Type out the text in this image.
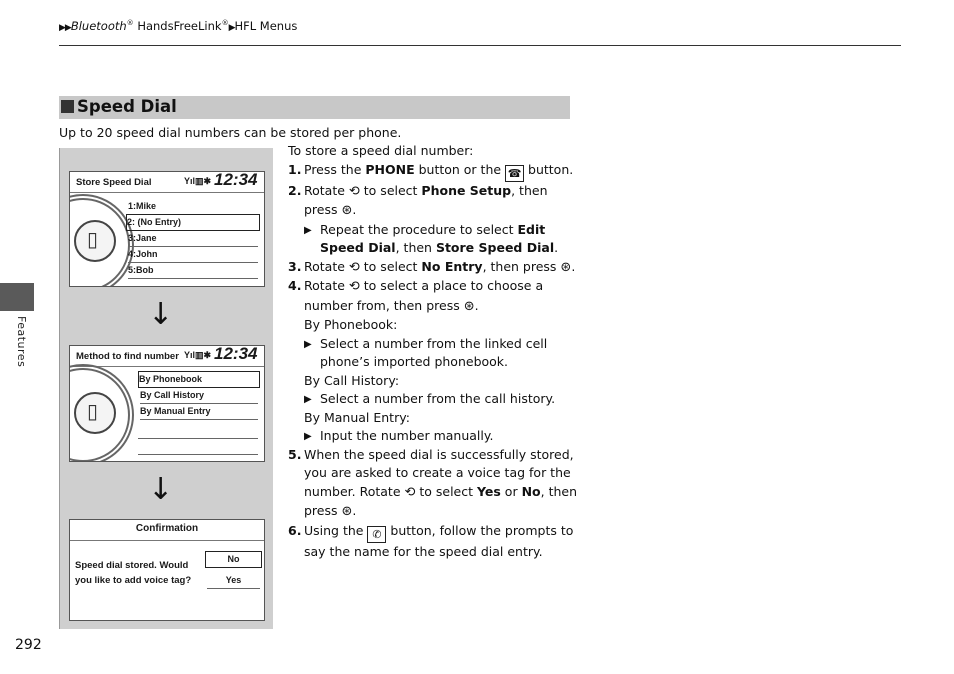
▶▶Bluetooth® HandsFreeLink®▶HFL Menus
Features
292
Speed Dial
Up to 20 speed dial numbers can be stored per phone.
Store Speed Dial	Yıl▥✱ 12:34
▯
1:Mike
2: (No Entry)
3:Jane
4:John
5:Bob
↓
Method to find number Yıl▥✱ 12:34
▯
By Phonebook
By Call History
By Manual Entry
↓
Confirmation
Speed dial stored. Would you like to add voice tag?
No
Yes
To store a speed dial number:
1. Press the PHONE button or the ☎ button.
2. Rotate ⟲ to select Phone Setup, then press ⊛.
▶ Repeat the procedure to select Edit Speed Dial, then Store Speed Dial.
3. Rotate ⟲ to select No Entry, then press ⊛.
4. Rotate ⟲ to select a place to choose a number from, then press ⊛.
By Phonebook:
▶ Select a number from the linked cell phone’s imported phonebook.
By Call History:
▶ Select a number from the call history.
By Manual Entry:
▶ Input the number manually.
5. When the speed dial is successfully stored, you are asked to create a voice tag for the number. Rotate ⟲ to select Yes or No, then press ⊛.
6. Using the ✆ button, follow the prompts to say the name for the speed dial entry.
